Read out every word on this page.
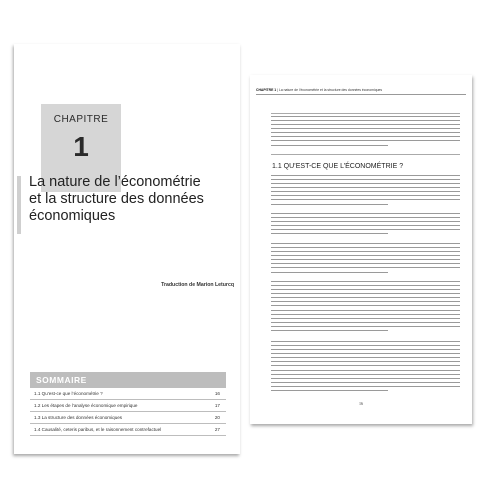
CHAPITRE
1
La nature de l’économétrie
et la structure des données
économiques
Traduction de Marion Leturcq
SOMMAIRE
1.1 Qu’est-ce que l’économétrie ?	16
1.2 Les étapes de l’analyse économique empirique	17
1.3 La structure des données économiques	20
1.4 Causalité, ceteris paribus, et le raisonnement contrefactuel	27
CHAPITRE 1 | La nature de l’économétrie et la structure des données économiques
1.1 QU’EST-CE QUE L’ÉCONOMÉTRIE ?
16
